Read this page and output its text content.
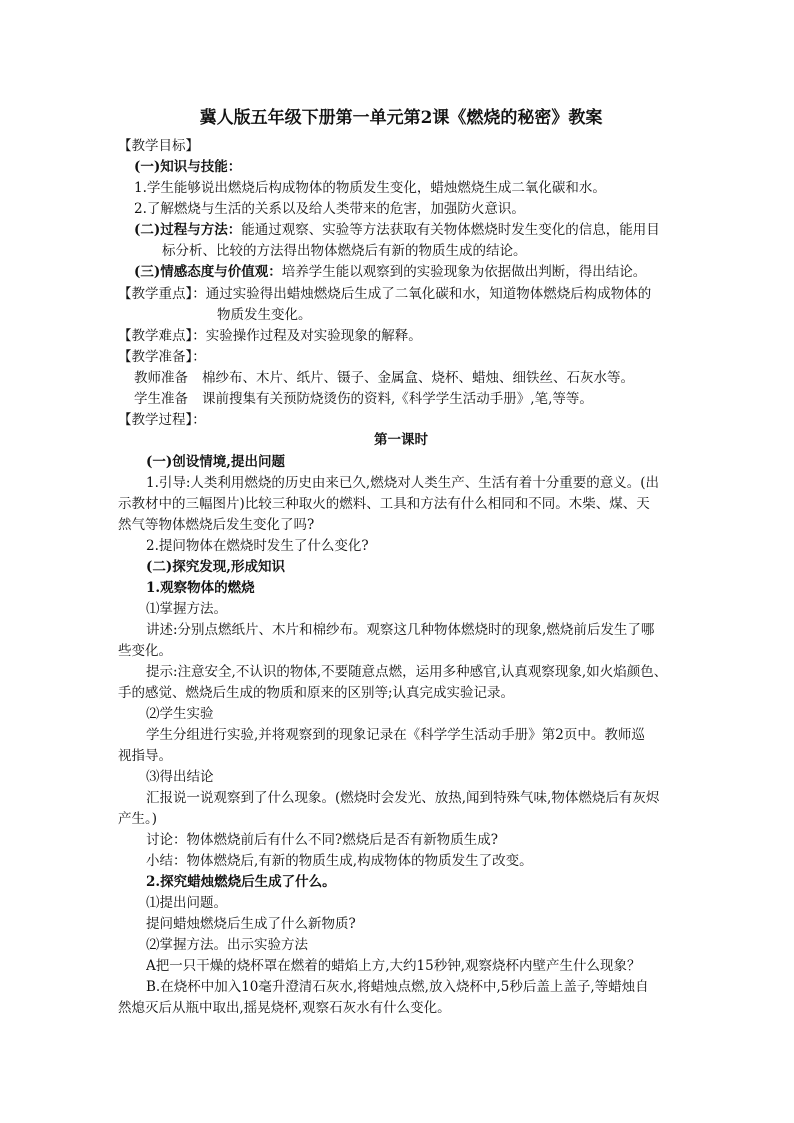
冀人版五年级下册第一单元第2课《燃烧的秘密》教案
【教学目标】
(一)知识与技能：
1.学生能够说出燃烧后构成物体的物质发生变化，蜡烛燃烧生成二氧化碳和水。
2.了解燃烧与生活的关系以及给人类带来的危害，加强防火意识。
(二)过程与方法：能通过观察、实验等方法获取有关物体燃烧时发生变化的信息，能用目
标分析、比较的方法得出物体燃烧后有新的物质生成的结论。
(三)情感态度与价值观：培养学生能以观察到的实验现象为依据做出判断，得出结论。
【教学重点】：通过实验得出蜡烛燃烧后生成了二氧化碳和水，知道物体燃烧后构成物体的
物质发生变化。
【教学难点】：实验操作过程及对实验现象的解释。
【教学准备】：
教师准备 棉纱布、木片、纸片、镊子、金属盒、烧杯、蜡烛、细铁丝、石灰水等。
学生准备 课前搜集有关预防烧烫伤的资料,《科学学生活动手册》,笔,等等。
【教学过程】：
第一课时
(一)创设情境,提出问题
1.引导:人类利用燃烧的历史由来已久,燃烧对人类生产、生活有着十分重要的意义。(出
示教材中的三幅图片)比较三种取火的燃料、工具和方法有什么相同和不同。木柴、煤、天
然气等物体燃烧后发生变化了吗?
2.提问物体在燃烧时发生了什么变化?
(二)探究发现,形成知识
1.观察物体的燃烧
⑴掌握方法。
讲述:分别点燃纸片、木片和棉纱布。观察这几种物体燃烧时的现象,燃烧前后发生了哪
些变化。
提示:注意安全,不认识的物体,不要随意点燃，运用多种感官,认真观察现象,如火焰颜色、
手的感觉、燃烧后生成的物质和原来的区别等;认真完成实验记录。
⑵学生实验
学生分组进行实验,并将观察到的现象记录在《科学学生活动手册》第2页中。教师巡
视指导。
⑶得出结论
汇报说一说观察到了什么现象。(燃烧时会发光、放热,闻到特殊气味,物体燃烧后有灰烬
产生。)
讨论：物体燃烧前后有什么不同?燃烧后是否有新物质生成?
小结：物体燃烧后,有新的物质生成,构成物体的物质发生了改变。
2.探究蜡烛燃烧后生成了什么。
⑴提出问题。
提问蜡烛燃烧后生成了什么新物质?
⑵掌握方法。出示实验方法
A把一只干燥的烧杯罩在燃着的蜡焰上方,大约15秒钟,观察烧杯内壁产生什么现象？
B.在烧杯中加入10毫升澄清石灰水,将蜡烛点燃,放入烧杯中,5秒后盖上盖子,等蜡烛自
然熄灭后从瓶中取出,摇晃烧杯,观察石灰水有什么变化。
